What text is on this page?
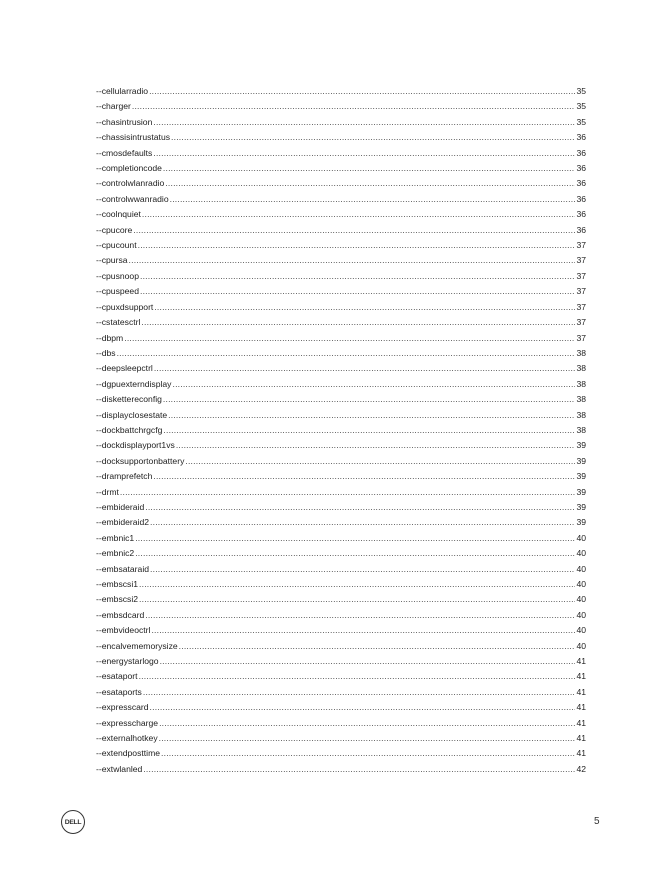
--cellularradio .....	35
--charger .....	35
--chasintrusion .....	35
--chassisintrustatus .....	36
--cmosdefaults .....	36
--completioncode .....	36
--controlwlanradio .....	36
--controlwwanradio .....	36
--coolnquiet .....	36
--cpucore .....	36
--cpucount .....	37
--cpursa .....	37
--cpusnoop .....	37
--cpuspeed .....	37
--cpuxdsupport .....	37
--cstatesctrl .....	37
--dbpm .....	37
--dbs .....	38
--deepsleepctrl .....	38
--dgpuexterndisplay .....	38
--diskettereconfig .....	38
--displayclosestate .....	38
--dockbattchrgcfg .....	38
--dockdisplayport1vs .....	39
--docksupportonbattery .....	39
--dramprefetch .....	39
--drmt .....	39
--embideraid .....	39
--embideraid2 .....	39
--embnic1 .....	40
--embnic2 .....	40
--embsataraid .....	40
--embscsi1 .....	40
--embscsi2 .....	40
--embsdcard .....	40
--embvideoctrl .....	40
--encalvememorysize .....	40
--energystarlogo .....	41
--esataport .....	41
--esataports .....	41
--expresscard .....	41
--expresscharge .....	41
--externalhotkey .....	41
--extendposttime .....	41
--extwlanled .....	42
DELL	5
